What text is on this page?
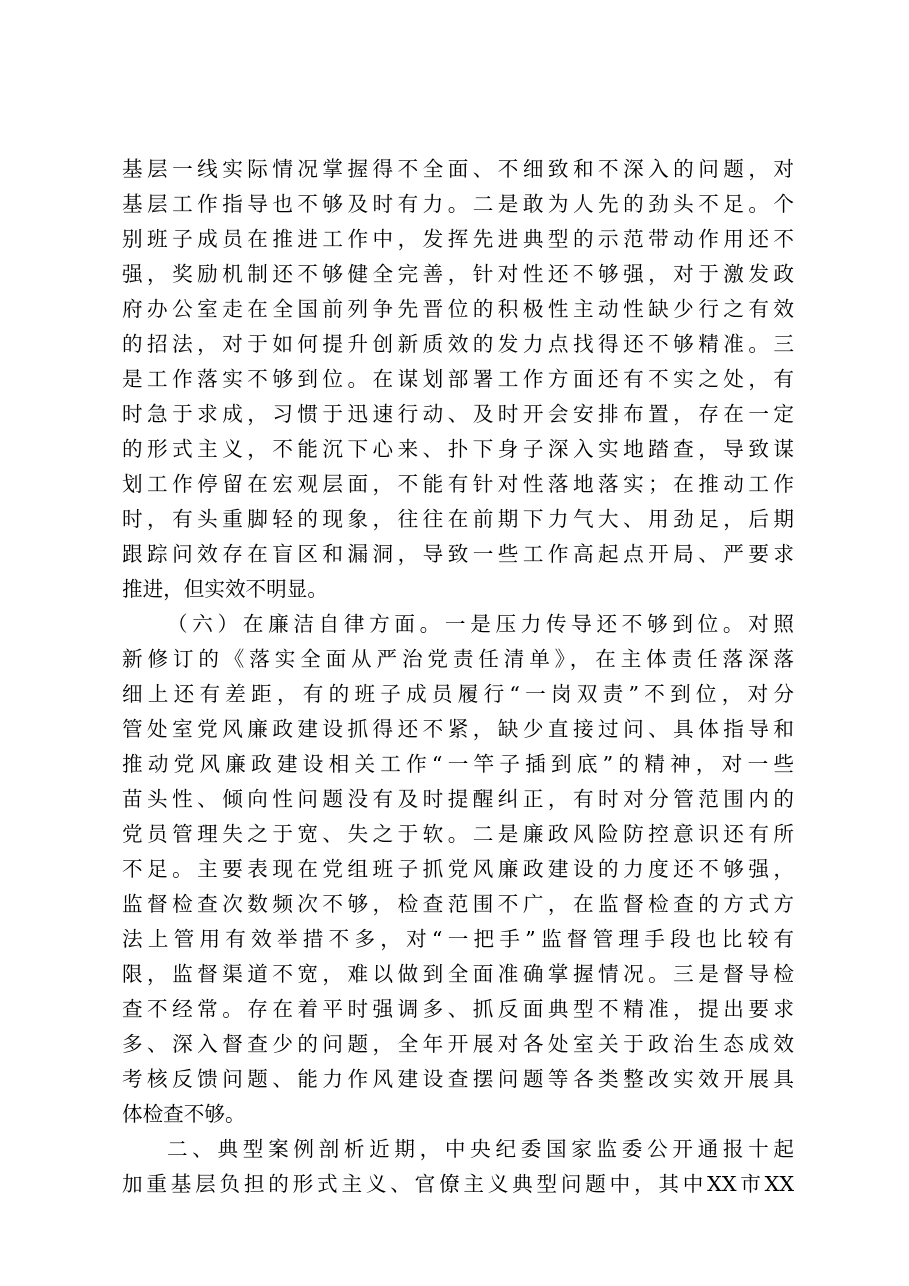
基层一线实际情况掌握得不全面、不细致和不深入的问题，对
基层工作指导也不够及时有力。二是敢为人先的劲头不足。个
别班子成员在推进工作中，发挥先进典型的示范带动作用还不
强，奖励机制还不够健全完善，针对性还不够强，对于激发政
府办公室走在全国前列争先晋位的积极性主动性缺少行之有效
的招法，对于如何提升创新质效的发力点找得还不够精准。三
是工作落实不够到位。在谋划部署工作方面还有不实之处，有
时急于求成，习惯于迅速行动、及时开会安排布置，存在一定
的形式主义，不能沉下心来、扑下身子深入实地踏查，导致谋
划工作停留在宏观层面，不能有针对性落地落实；在推动工作
时，有头重脚轻的现象，往往在前期下力气大、用劲足，后期
跟踪问效存在盲区和漏洞，导致一些工作高起点开局、严要求
推进，但实效不明显。
（六）在廉洁自律方面。一是压力传导还不够到位。对照
新修订的《落实全面从严治党责任清单》，在主体责任落深落
细上还有差距，有的班子成员履行“一岗双责”不到位，对分
管处室党风廉政建设抓得还不紧，缺少直接过问、具体指导和
推动党风廉政建设相关工作“一竿子插到底”的精神，对一些
苗头性、倾向性问题没有及时提醒纠正，有时对分管范围内的
党员管理失之于宽、失之于软。二是廉政风险防控意识还有所
不足。主要表现在党组班子抓党风廉政建设的力度还不够强，
监督检查次数频次不够，检查范围不广，在监督检查的方式方
法上管用有效举措不多，对“一把手”监督管理手段也比较有
限，监督渠道不宽，难以做到全面准确掌握情况。三是督导检
查不经常。存在着平时强调多、抓反面典型不精准，提出要求
多、深入督查少的问题，全年开展对各处室关于政治生态成效
考核反馈问题、能力作风建设查摆问题等各类整改实效开展具
体检查不够。
二、典型案例剖析近期，中央纪委国家监委公开通报十起
加重基层负担的形式主义、官僚主义典型问题中，其中XX市XX
